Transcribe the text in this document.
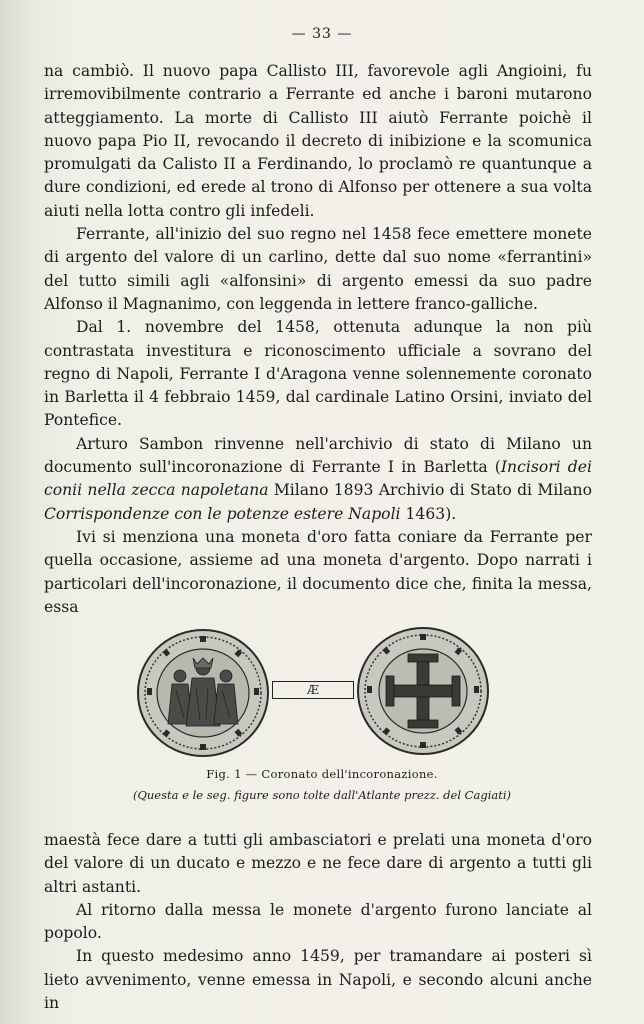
— 33 —

na cambiò. Il nuovo papa Callisto III, favorevole agli Angioini, fu irremovibilmente contrario a Ferrante ed anche i baroni mutarono atteggiamento. La morte di Callisto III aiutò Ferrante poichè il nuovo papa Pio II, revocando il decreto di inibizione e la scomunica promulgati da Calisto II a Ferdinando, lo proclamò re quantunque a dure condizioni, ed erede al trono di Alfonso per ottenere a sua volta aiuti nella lotta contro gli infedeli.

Ferrante, all'inizio del suo regno nel 1458 fece emettere monete di argento del valore di un carlino, dette dal suo nome «ferrantini» del tutto simili agli «alfonsini» di argento emessi da suo padre Alfonso il Magnanimo, con leggenda in lettere franco-galliche.

Dal 1. novembre del 1458, ottenuta adunque la non più contrastata investitura e riconoscimento ufficiale a sovrano del regno di Napoli, Ferrante I d'Aragona venne solennemente coronato in Barletta il 4 febbraio 1459, dal cardinale Latino Orsini, inviato del Pontefice.

Arturo Sambon rinvenne nell'archivio di stato di Milano un documento sull'incoronazione di Ferrante I in Barletta (Incisori dei conii nella zecca napoletana Milano 1893 Archivio di Stato di Milano Corrispondenze con le potenze estere Napoli 1463).

Ivi si menziona una moneta d'oro fatta coniare da Ferrante per quella occasione, assieme ad una moneta d'argento. Dopo narrati i particolari dell'incoronazione, il documento dice che, finita la messa, essa

Æ
Fig. 1 — Coronato dell'incoronazione.
(Questa e le seg. figure sono tolte dall'Atlante prezz. del Cagiati)

maestà fece dare a tutti gli ambasciatori e prelati una moneta d'oro del valore di un ducato e mezzo e ne fece dare di argento a tutti gli altri astanti.

Al ritorno dalla messa le monete d'argento furono lanciate al popolo.

In questo medesimo anno 1459, per tramandare ai posteri sì lieto avvenimento, venne emessa in Napoli, e secondo alcuni anche in
